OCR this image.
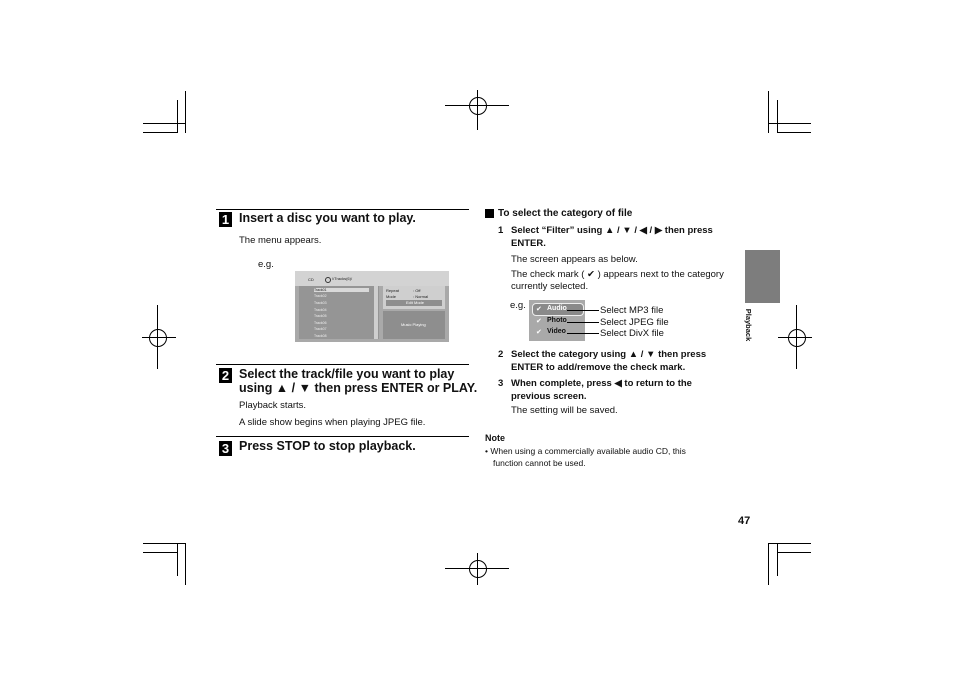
1 Insert a disc you want to play.
The menu appears.
e.g.
CD	\/Tracks(6)/
Track01
Track02
Track03
Track04
Track05
Track06
Track07
Track08
Repeat	: Off
Mode	: Normal
Edit Mode
Music Playing
2 Select the track/file you want to play
using ▲ / ▼ then press ENTER or PLAY.
Playback starts.
A slide show begins when playing JPEG file.
3 Press STOP to stop playback.
To select the category of file
1 Select “Filter” using ▲ / ▼ / ◀ / ▶ then press
ENTER.
The screen appears as below.
The check mark ( ✔ ) appears next to the category
currently selected.
e.g. ✔ Audio
✔ Photo
✔ Video
Select MP3 file
Select JPEG file
Select DivX file
2 Select the category using ▲ / ▼ then press
ENTER to add/remove the check mark.
3 When complete, press ◀ to return to the
previous screen.
The setting will be saved.
Note
• When using a commercially available audio CD, this
function cannot be used.
Playback
47
